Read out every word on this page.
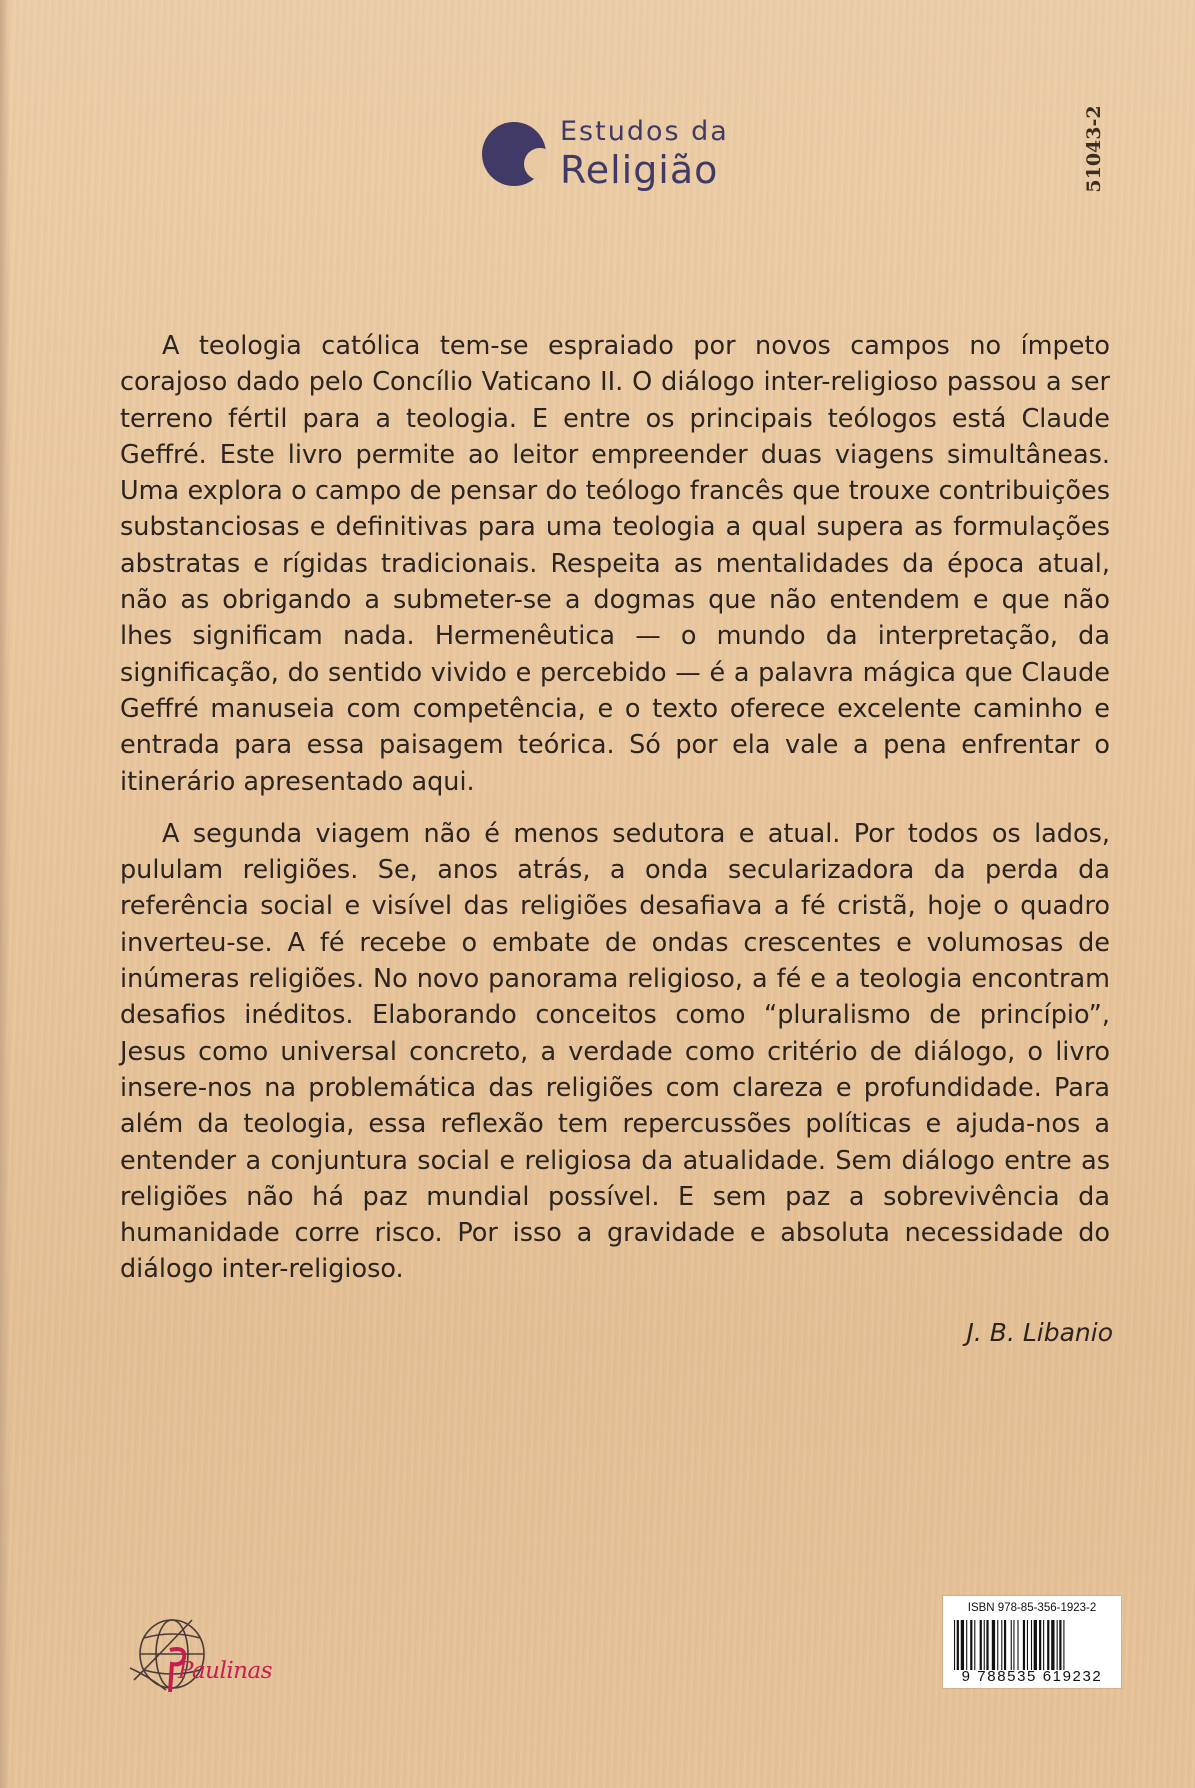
Estudos da
Religião	51043-2

A teologia católica tem-se espraiado por novos campos no ímpeto corajoso dado pelo Concílio Vaticano II. O diálogo inter-religioso passou a ser terreno fértil para a teologia. E entre os principais teólogos está Claude Geffré. Este livro permite ao leitor empreender duas viagens simultâneas. Uma explora o campo de pensar do teólogo francês que trouxe contribuições substanciosas e definitivas para uma teologia a qual supera as formulações abstratas e rígidas tradicionais. Respeita as mentalidades da época atual, não as obrigando a submeter-se a dogmas que não entendem e que não lhes significam nada. Hermenêutica — o mundo da interpretação, da significação, do sentido vivido e percebido — é a palavra mágica que Claude Geffré manuseia com competência, e o texto oferece excelente caminho e entrada para essa paisagem teórica. Só por ela vale a pena enfrentar o itinerário apresentado aqui.

A segunda viagem não é menos sedutora e atual. Por todos os lados, pululam religiões. Se, anos atrás, a onda secularizadora da perda da referência social e visível das religiões desafiava a fé cristã, hoje o quadro inverteu-se. A fé recebe o embate de ondas crescentes e volumosas de inúmeras religiões. No novo panorama religioso, a fé e a teologia encontram desafios inéditos. Elaborando conceitos como “pluralismo de princípio”, Jesus como universal concreto, a verdade como critério de diálogo, o livro insere-nos na problemática das religiões com clareza e profundidade. Para além da teologia, essa reflexão tem repercussões políticas e ajuda-nos a entender a conjuntura social e religiosa da atualidade. Sem diálogo entre as religiões não há paz mundial possível. E sem paz a sobrevivência da humanidade corre risco. Por isso a gravidade e absoluta necessidade do diálogo inter-religioso.

J. B. Libanio
Paulinas
ISBN 978-85-356-1923-2
9 788535 619232
